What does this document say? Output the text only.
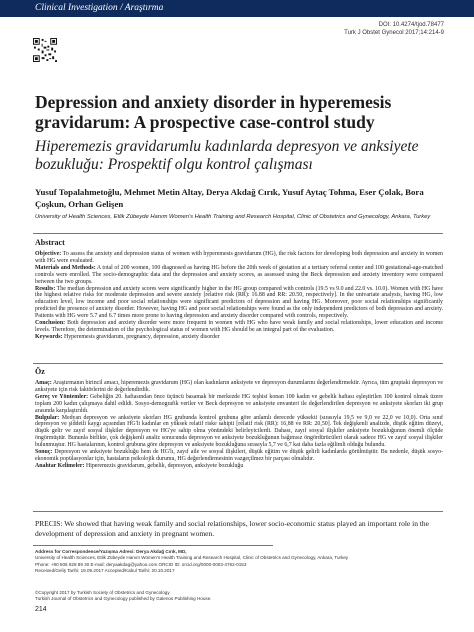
Clinical Investigation / Araştırma
DOI: 10.4274/tjod.78477
Turk J Obstet Gynecol 2017;14:214-9
Depression and anxiety disorder in hyperemesis gravidarum: A prospective case-control study
Hiperemezis gravidarumlu kadınlarda depresyon ve anksiyete bozukluğu: Prospektif olgu kontrol çalışması
Yusuf Topalahmetoğlu, Mehmet Metin Altay, Derya Akdağ Cırık, Yusuf Aytaç Tohma, Eser Çolak, Bora Çoşkun, Orhan Gelişen
University of Health Sciences, Etlik Zübeyde Hanım Women's Health Training and Research Hospital, Clinic of Obstetrics and Gynecology, Ankara, Turkey
Abstract
Objective: To assess the anxiety and depression status of women with hyperemesis gravidarum (HG), the risk factors for developing both depression and anxiety in women with HG were evaluated.
Materials and Methods: A total of 200 women, 100 diagnosed as having HG before the 20th week of gestation at a tertiary referral center and 100 gestational-age-matched controls were enrolled. The socio-demographic data and the depression and anxiety scores, as assessed using the Beck depression and anxiety inventory were compared between the two groups.
Results: The median depression and anxiety scores were significantly higher in the HG group compared with controls (19.5 vs 9.0 and 22.0 vs. 10.0). Women with HG have the highest relative risks for moderate depression and severe anxiety [relative risk (RR): 16.88 and RR: 20.50, respectively]. In the univariate analysis, having HG, low education level, low income and poor social relationships were significant predictors of depression and having HG. Moreover, poor social relationships significantly predicted the presence of anxiety disorder. However, having HG and poor social relationships were found as the only independent predictors of both depression and anxiety. Patients with HG were 5.7 and 6.7 times more prone to having depression and anxiety disorder compared with controls, respectively.
Conclusion: Both depression and anxiety disorder were more frequent in women with HG who have weak family and social relationships, lower education and income levels. Therefore, the determination of the psychological status of women with HG should be an integral part of the evaluation.
Keywords: Hyperemesis gravidarum, pregnancy, depression, anxiety disorder
Öz
Amaç: Araştırmanın birincil amacı, hiperemezis gravidarum (HG) olan kadınların anksiyete ve depresyon durumlarını değerlendirmektir. Ayrıca, tüm gruptaki depresyon ve anksiyete için risk faktörlerini de değerlendirdik.
Gereç ve Yöntemler: Gebeliğin 20. haftasından önce üçüncü basamak bir merkezde HG teşhisi konan 100 kadın ve gebelik haftası eşleştirilen 100 kontrol olmak üzere toplam 200 kadın çalışmaya dahil edildi. Sosyo-demografik veriler ve Beck depresyon ve anksiyete envanteri ile değerlendirilen depresyon ve anksiyete skorları iki grup arasında karşılaştırıldı.
Bulgular: Medyan depresyon ve anksiyete skorları HG grubunda kontrol grubuna göre anlamlı derecede yüksekti (sırasıyla 19,5 ve 9,0 ve 22,0 ve 10,0). Orta sınıf depresyon ve şiddetli kaygı açısından HG'li kadınlar en yüksek relatif riske sahipti [relatif risk (RR): 16,88 ve RR: 20,50]. Tek değişkenli analizde, düşük eğitim düzeyi, düşük gelir ve zayıf sosyal ilişkiler depresyon ve HG'ye sahip olma yönündeki belirleyicilerdi. Dahası, zayıf sosyal ilişkiler anksiyete bozukluğunun önemli ölçüde öngörmüştür. Bununla birlikte, çok değişkenli analiz sonucunda depresyon ve anksiyete bozukluğunun bağımsız öngördürücüleri olarak sadece HG ve zayıf sosyal ilişkiler bulunmuştur. HG hastalarının, kontrol grubuna göre depresyon ve anksiyete bozukluğuna sırasıyla 5,7 ve 6,7 kat daha fazla eğilimli olduğu bulundu.
Sonuç: Depresyon ve anksiyete bozukluğu hem de HG'lı, zayıf aile ve sosyal ilişkileri, düşük eğitim ve düşük gelirli kadınlarda görülmüştür. Bu nedenle, düşük sosyo-ekonomik popülasyonlar için, hastaların psikolojik durumu, HG değerlendirmesinin vazgeçilmez bir parçası olmalıdır.
Anahtar Kelimeler: Hiperemezis gravidarum, gebelik, depresyon, anksiyete bozukluğu
PRECIS: We showed that having weak family and social relationships, lower socio-economic status played an important role in the development of depression and anxiety in pregnant women.
Address for Correspondence/Yazışma Adresi: Derya Akdağ Cırık, MD,
University of Health Sciences, Etlik Zübeyde Hanım Women's Health Training and Research Hospital, Clinic of Obstetrics and Gynecology, Ankara, Turkey
Phone: +90 506 828 89 30 E-mail: deryaakdag@yahoo.com ORCID ID: orcid.org/0000-0003-4762-0153
Received/Geliş Tarihi: 19.09.2017 Accepted/Kabul Tarihi: 20.10.2017
©Copyright 2017 by Turkish Society of Obstetrics and Gynecology
Turkish Journal of Obstetrics and Gynecology published by Galenos Publishing House.
214
